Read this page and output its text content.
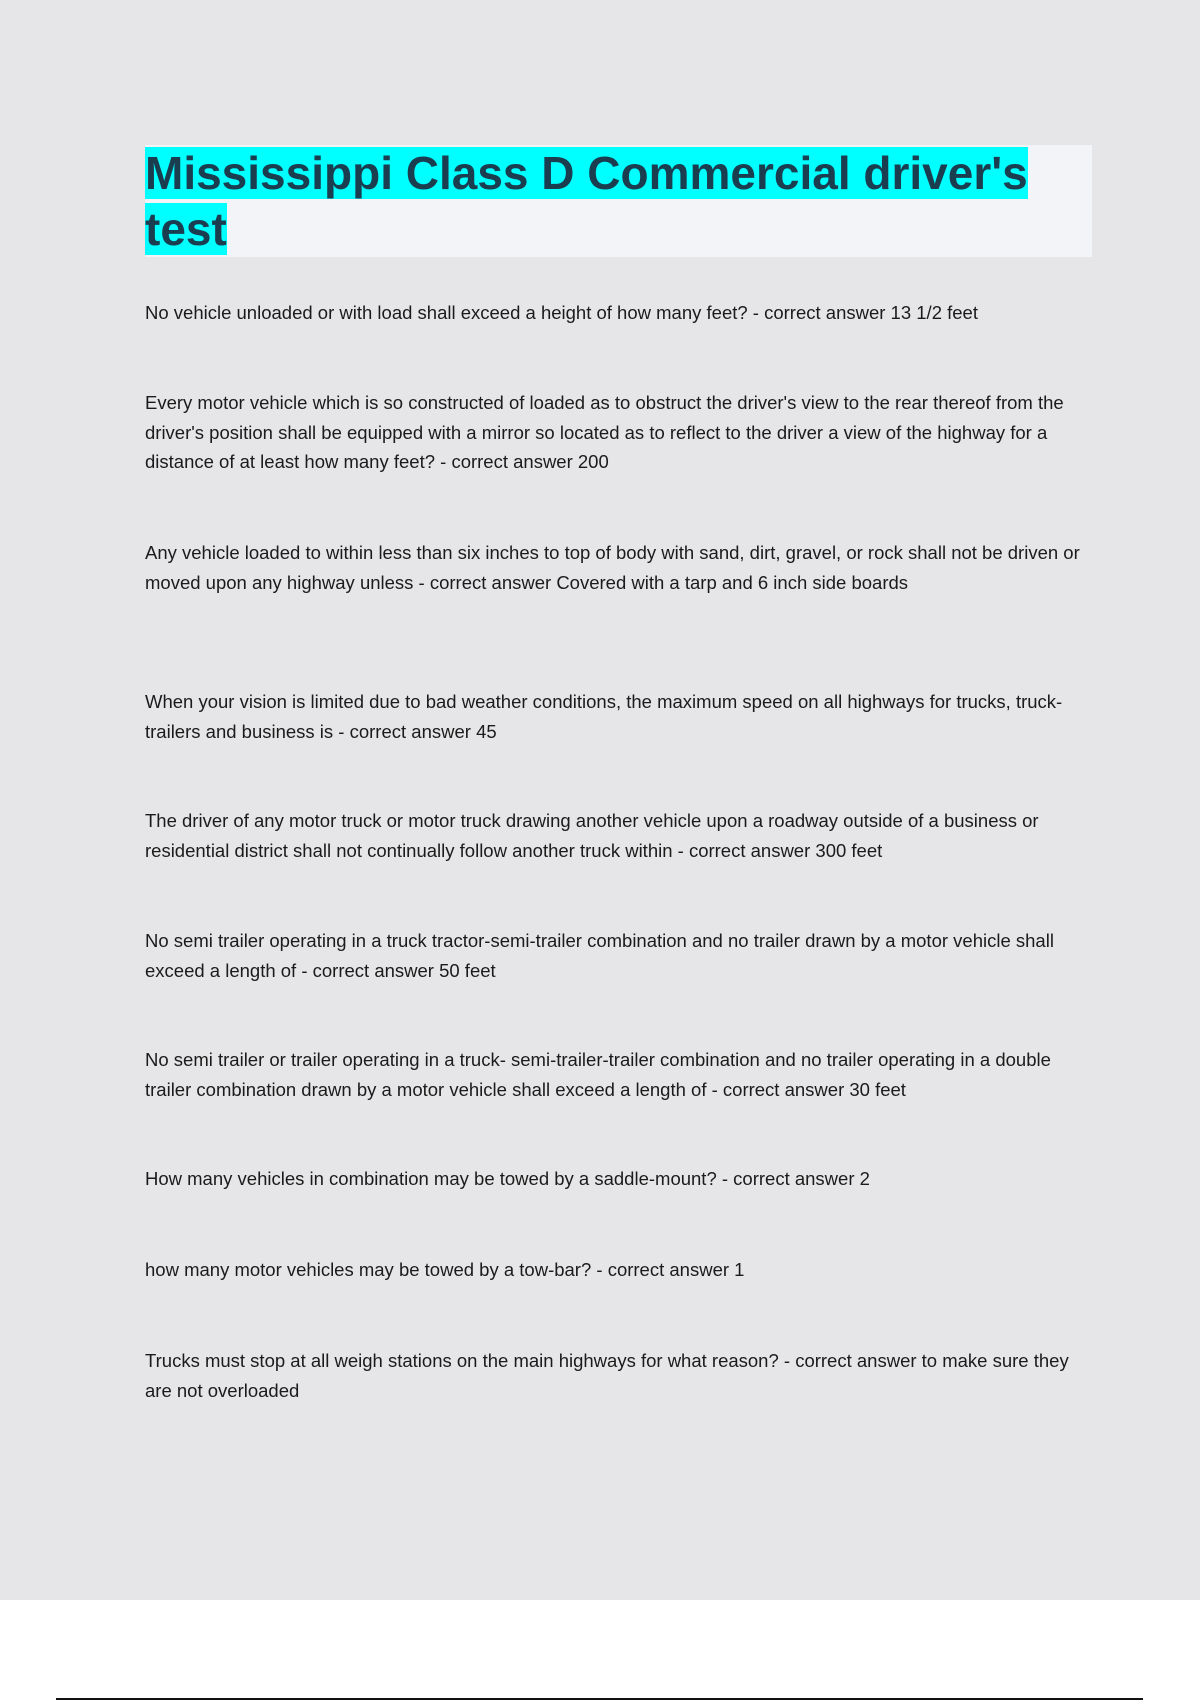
Mississippi Class D Commercial driver's
test

No vehicle unloaded or with load shall exceed a height of how many feet? - correct answer 13 1/2 feet

Every motor vehicle which is so constructed of loaded as to obstruct the driver's view to the rear thereof from the driver's position shall be equipped with a mirror so located as to reflect to the driver a view of the highway for a distance of at least how many feet? - correct answer 200

Any vehicle loaded to within less than six inches to top of body with sand, dirt, gravel, or rock shall not be driven or moved upon any highway unless - correct answer Covered with a tarp and 6 inch side boards

When your vision is limited due to bad weather conditions, the maximum speed on all highways for trucks, truck-trailers and business is - correct answer 45

The driver of any motor truck or motor truck drawing another vehicle upon a roadway outside of a business or residential district shall not continually follow another truck within - correct answer 300 feet

No semi trailer operating in a truck tractor-semi-trailer combination and no trailer drawn by a motor vehicle shall exceed a length of - correct answer 50 feet

No semi trailer or trailer operating in a truck- semi-trailer-trailer combination and no trailer operating in a double trailer combination drawn by a motor vehicle shall exceed a length of - correct answer 30 feet

How many vehicles in combination may be towed by a saddle-mount? - correct answer 2

how many motor vehicles may be towed by a tow-bar? - correct answer 1

Trucks must stop at all weigh stations on the main highways for what reason? - correct answer to make sure they are not overloaded
